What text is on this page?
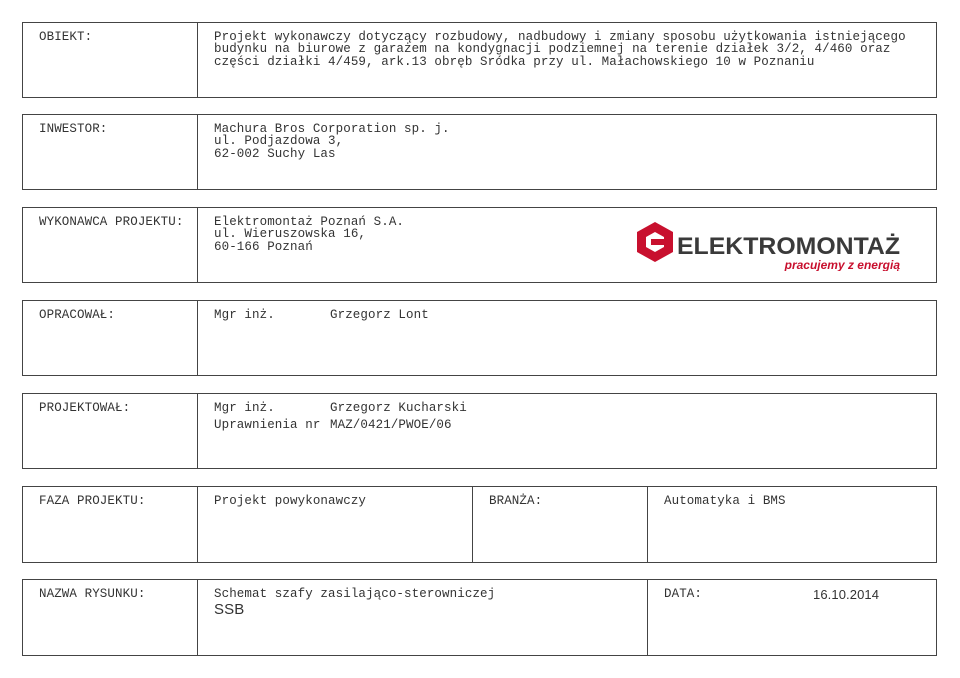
OBIEKT:	Projekt wykonawczy dotyczący rozbudowy, nadbudowy i zmiany sposobu użytkowania istniejącego
budynku na biurowe z garażem na kondygnacji podziemnej na terenie działek 3/2, 4/460 oraz
części działki 4/459, ark.13 obręb Sródka przy ul. Małachowskiego 10 w Poznaniu
INWESTOR:	Machura Bros Corporation sp. j.
ul. Podjazdowa 3,
62-002 Suchy Las
WYKONAWCA PROJEKTU: Elektromontaż Poznań S.A.
ul. Wieruszowska 16,
60-166 Poznań	ELEKTROMONTAŻ
pracujemy z energią
OPRACOWAŁ:	Mgr inż.	Grzegorz Lont
PROJEKTOWAŁ:	Mgr inż.	Grzegorz Kucharski
Uprawnienia nr MAZ/0421/PWOE/06
FAZA PROJEKTU:	Projekt powykonawczy	BRANŻA:	Automatyka i BMS
NAZWA RYSUNKU:	Schemat szafy zasilająco-sterowniczej
SSB
DATA:	16.10.2014
